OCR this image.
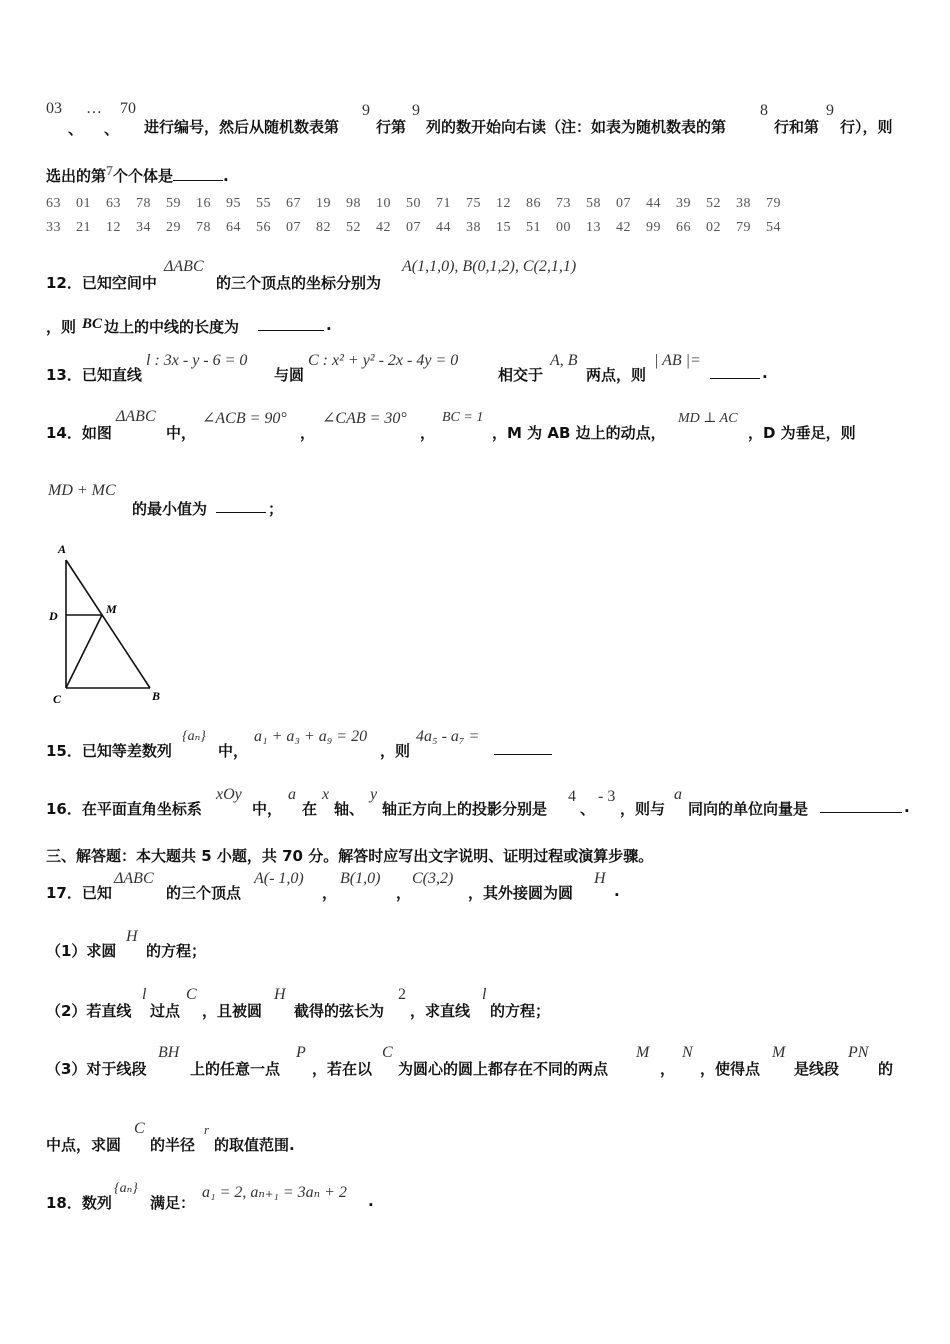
03 … 70
、 、 进行编号，然后从随机数表第
9
行第
9
列的数开始向右读（注：如表为随机数表的第
8
行和第
9
行），则
选出的第7个个体是	.
63 01 63 78 59 16 95 55 67 19 98 10 50 71 75 12 86 73 58 07 44 39 52 38 79
33 21 12 34 29 78 64 56 07 82 52 42 07 44 38 15 51 00 13 42 99 66 02 79 54
12．已知空间中
ΔABC
的三个顶点的坐标分别为
A(1,1,0), B(0,1,2), C(2,1,1)
，则 BC 边上的中线的长度为	.
13．已知直线
l : 3x - y - 6 = 0
与圆
C : x² + y² - 2x - 4y = 0
相交于
A, B
两点，则
| AB |=
.
14．如图
ΔABC
中，
∠ACB = 90°
，
∠CAB = 30°
，
BC = 1
，M 为 AB 边上的动点，
MD ⊥ AC
，D 为垂足，则
MD + MC
的最小值为	；
A
D	M
C	B
15．已知等差数列
{aₙ}
中，
a₁ + a₃ + a₉ = 20
，则
4a₅ - a₇ =
16．在平面直角坐标系
xOy
中，
a
在
x
轴、
y
轴正方向上的投影分别是
4
、
- 3
，则与
a
同向的单位向量是	.
三、解答题：本大题共 5 小题，共 70 分。解答时应写出文字说明、证明过程或演算步骤。
17．已知
ΔABC
的三个顶点
A(- 1,0)
，
B(1,0)
，
C(3,2)
，其外接圆为圆
H
.
（1）求圆
H
的方程；
（2）若直线
l
过点
C
，且被圆
H
截得的弦长为
2
，求直线
l
的方程；
（3）对于线段
BH
上的任意一点
P
，若在以
C
为圆心的圆上都存在不同的两点
M
，
N
，使得点
M
是线段
PN
的
中点，求圆
C
的半径
r
的取值范围.
18．数列
{aₙ}
满足：
a₁ = 2, aₙ₊₁ = 3aₙ + 2 .
